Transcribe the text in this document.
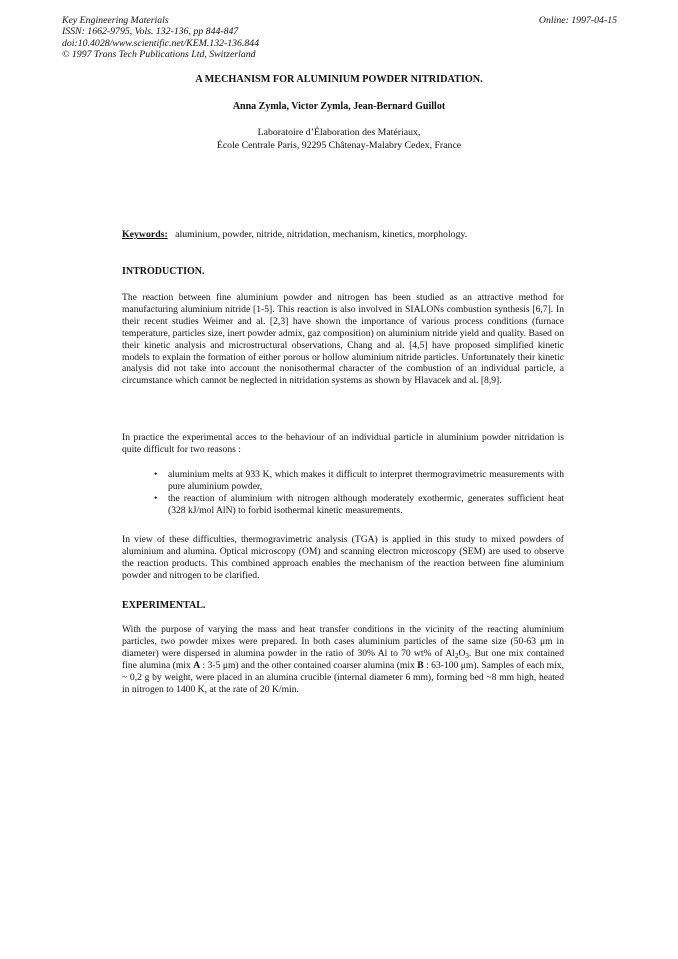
Key Engineering Materials
ISSN: 1662-9795, Vols. 132-136, pp 844-847
doi:10.4028/www.scientific.net/KEM.132-136.844
© 1997 Trans Tech Publications Ltd, Switzerland
Online: 1997-04-15
A MECHANISM FOR ALUMINIUM POWDER NITRIDATION.
Anna Zymla, Victor Zymla, Jean-Bernard Guillot
Laboratoire d’Élaboration des Matériaux,
École Centrale Paris, 92295 Châtenay-Malabry Cedex, France
Keywords: aluminium, powder, nitride, nitridation, mechanism, kinetics, morphology.
INTRODUCTION.

The reaction between fine aluminium powder and nitrogen has been studied as an attractive method for manufacturing aluminium nitride [1-5]. This reaction is also involved in SIALONs combustion synthesis [6,7]. In their recent studies Weimer and al. [2,3] have shown the importance of various process conditions (furnace temperature, particles size, inert powder admix, gaz composition) on aluminium nitride yield and quality. Based on their kinetic analysis and microstructural observations, Chang and al. [4,5] have proposed simplified kinetic models to explain the formation of either porous or hollow aluminium nitride particles. Unfortunately their kinetic analysis did not take into account the nonisothermal character of the combustion of an individual particle, a circumstance which cannot be neglected in nitridation systems as shown by Hlavacek and al. [8,9].

In practice the experimental acces to the behaviour of an individual particle in aluminium powder nitridation is quite difficult for two reasons :

• aluminium melts at 933 K, which makes it difficult to interpret thermogravimetric measurements with pure aluminium powder,
• the reaction of aluminium with nitrogen although moderately exothermic, generates sufficient heat (328 kJ/mol AlN) to forbid isothermal kinetic measurements.

In view of these difficulties, thermogravimetric analysis (TGA) is applied in this study to mixed powders of aluminium and alumina. Optical microscopy (OM) and scanning electron microscopy (SEM) are used to observe the reaction products. This combined approach enables the mechanism of the reaction between fine aluminium powder and nitrogen to be clarified.

EXPERIMENTAL.

With the purpose of varying the mass and heat transfer conditions in the vicinity of the reacting aluminium particles, two powder mixes were prepared. In both cases aluminium particles of the same size (50-63 μm in diameter) were dispersed in alumina powder in the ratio of 30% Al to 70 wt% of $Al_2O_3$. But one mix contained fine alumina (mix A : 3-5 μm) and the other contained coarser alumina (mix B : 63-100 μm). Samples of each mix, ~ 0,2 g by weight, were placed in an alumina crucible (internal diameter 6 mm), forming bed ~8 mm high, heated in nitrogen to 1400 K, at the rate of 20 K/min.
